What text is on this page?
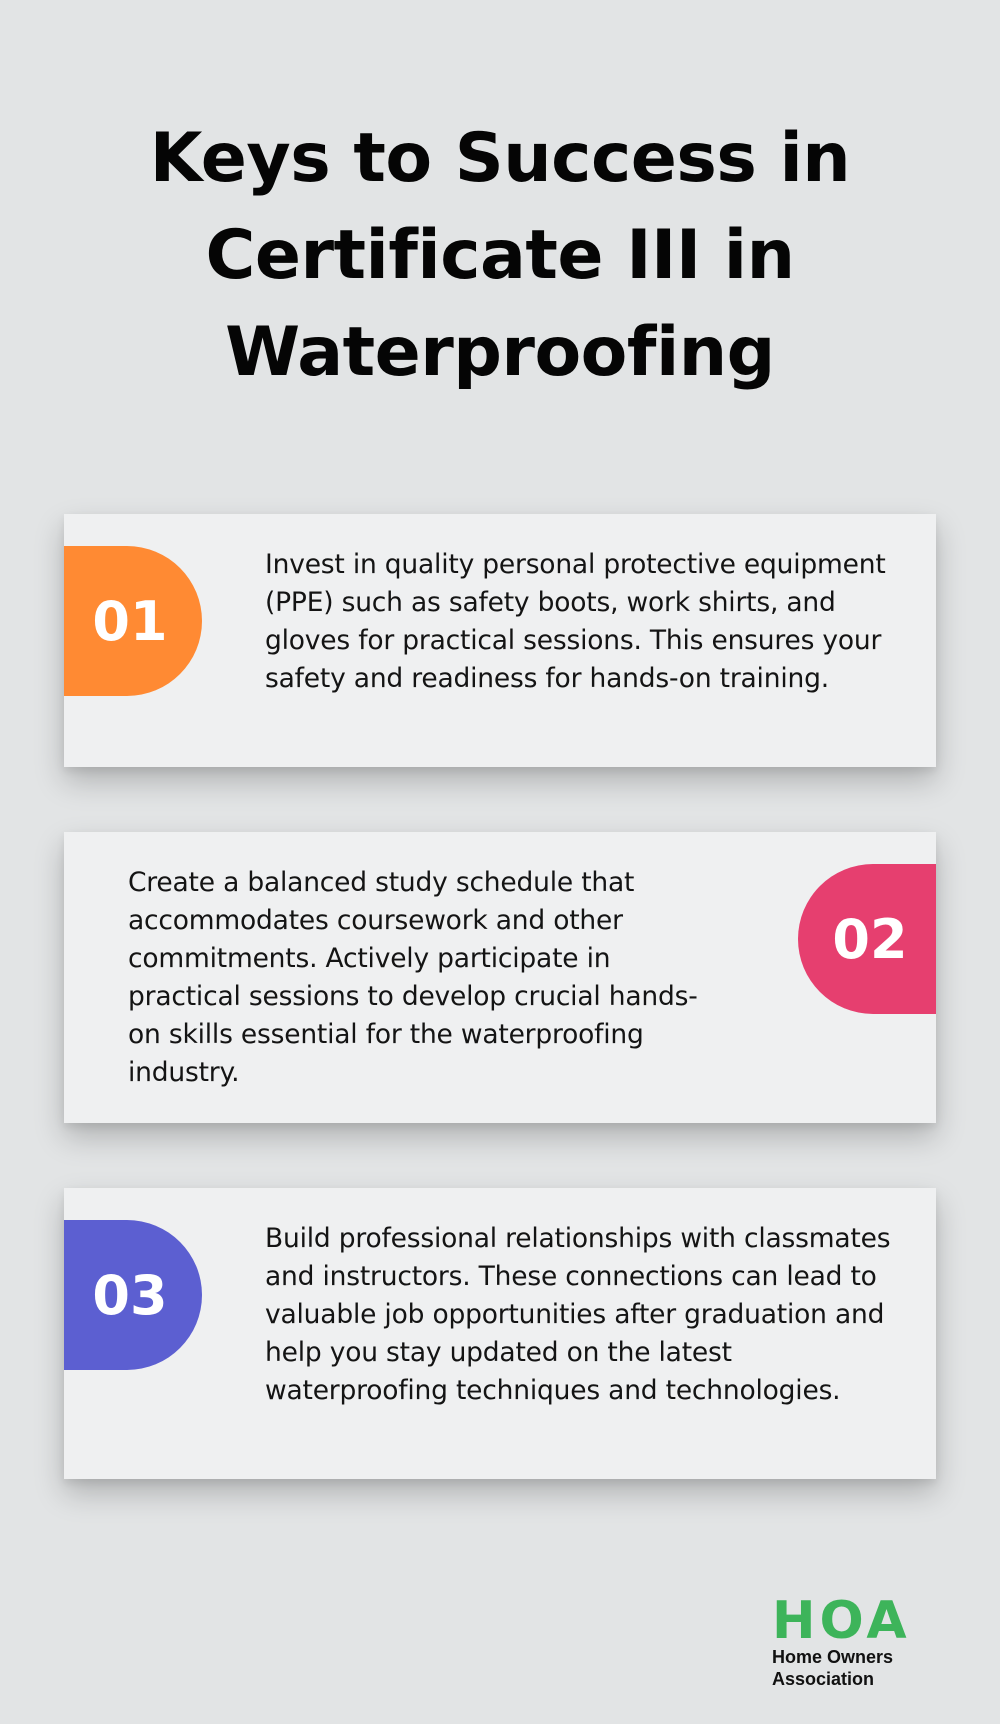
Keys to Success in
Certificate III in
Waterproofing
01
Invest in quality personal protective equipment (PPE) such as safety boots, work shirts, and gloves for practical sessions. This ensures your safety and readiness for hands-on training.
Create a balanced study schedule that accommodates coursework and other commitments. Actively participate in practical sessions to develop crucial hands-on skills essential for the waterproofing industry.
02
03
Build professional relationships with classmates and instructors. These connections can lead to valuable job opportunities after graduation and help you stay updated on the latest waterproofing techniques and technologies.
HOA
Home Owners
Association
